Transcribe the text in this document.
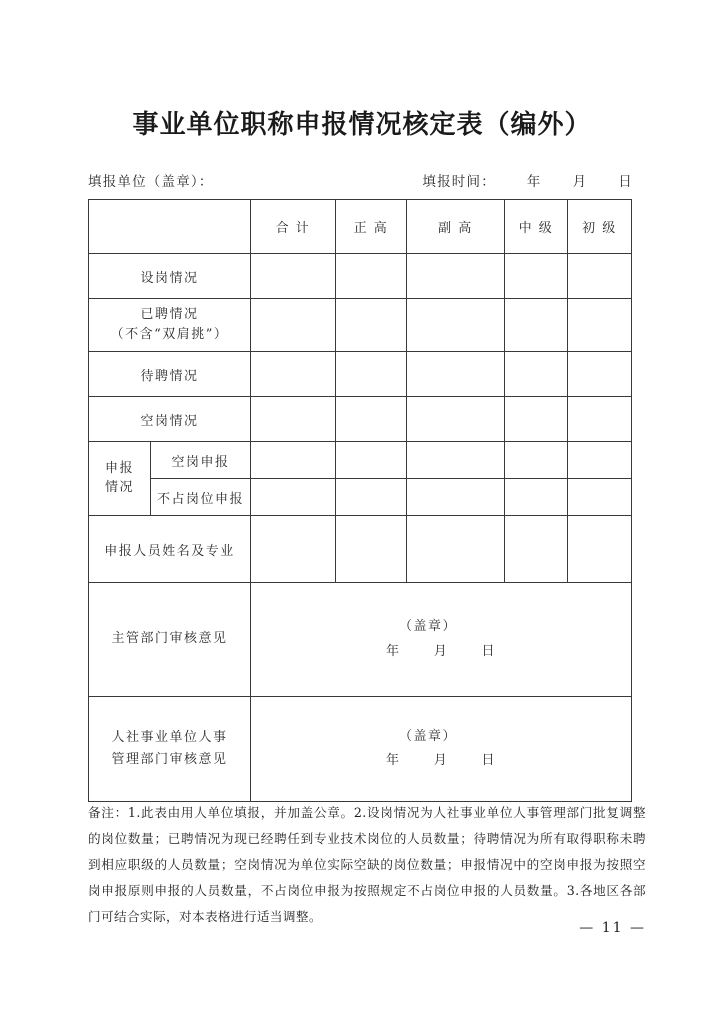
事业单位职称申报情况核定表（编外）
填报单位（盖章）：	填报时间： 年 月 日
		合 计	正 高	副 高	中 级	初 级
设岗情况						

已聘情况
（不含“双肩挑”）						

待聘情况						
空岗情况						

申报
情况	空岗申报					
	不占岗位申报					
申报人员姓名及专业						
主管部门审核意见		（盖章）
年 月 日				

人社事业单位人事
管理部门审核意见

（盖章）
年	月	日
备注：1.此表由用人单位填报，并加盖公章。2.设岗情况为人社事业单位人事管理部门批复调整的岗位数量；已聘情况为现已经聘任到专业技术岗位的人员数量；待聘情况为所有取得职称未聘到相应职级的人员数量；空岗情况为单位实际空缺的岗位数量；申报情况中的空岗申报为按照空岗申报原则申报的人员数量，不占岗位申报为按照规定不占岗位申报的人员数量。3.各地区各部门可结合实际，对本表格进行适当调整。
— 11 —
